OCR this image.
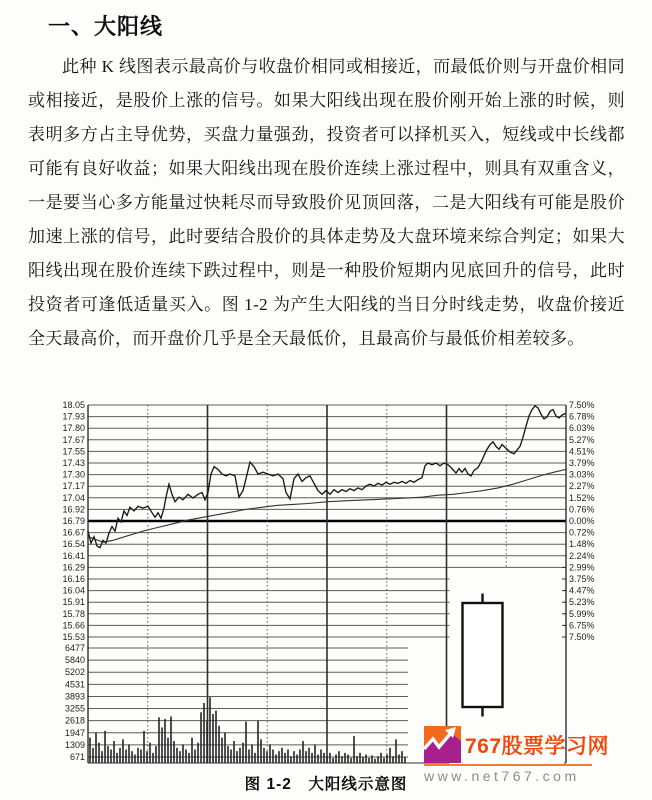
一、大阳线

此种 K 线图表示最高价与收盘价相同或相接近，而最低价则与开盘价相同或相接近，是股价上涨的信号。如果大阳线出现在股价刚开始上涨的时候，则表明多方占主导优势，买盘力量强劲，投资者可以择机买入，短线或中长线都可能有良好收益；如果大阳线出现在股价连续上涨过程中，则具有双重含义，一是要当心多方能量过快耗尽而导致股价见顶回落，二是大阳线有可能是股价加速上涨的信号，此时要结合股价的具体走势及大盘环境来综合判定；如果大阳线出现在股价连续下跌过程中，则是一种股价短期内见底回升的信号，此时投资者可逢低适量买入。图 1-2 为产生大阳线的当日分时线走势，收盘价接近全天最高价，而开盘价几乎是全天最低价，且最高价与最低价相差较多。

18.05
17.93
17.80
17.67
17.55
17.43
17.30
17.17
17.04
16.92
16.79
16.67
16.54
16.41
16.29
16.16
16.04
15.91
15.78
15.66
15.53
7.50%
6.78%
6.03%
5.27%
4.51%
3.79%
3.03%
2.27%
1.52%
0.76%
0.00%
0.72%
1.48%
2.24%
2.99%
3.75%
4.47%
5.23%
5.99%
6.75%
7.50%
6477
5840
5202
4531
3893
3255
2618
1947
1309
671	767股票学习网
www.net767.com
图 1-2　大阳线示意图
